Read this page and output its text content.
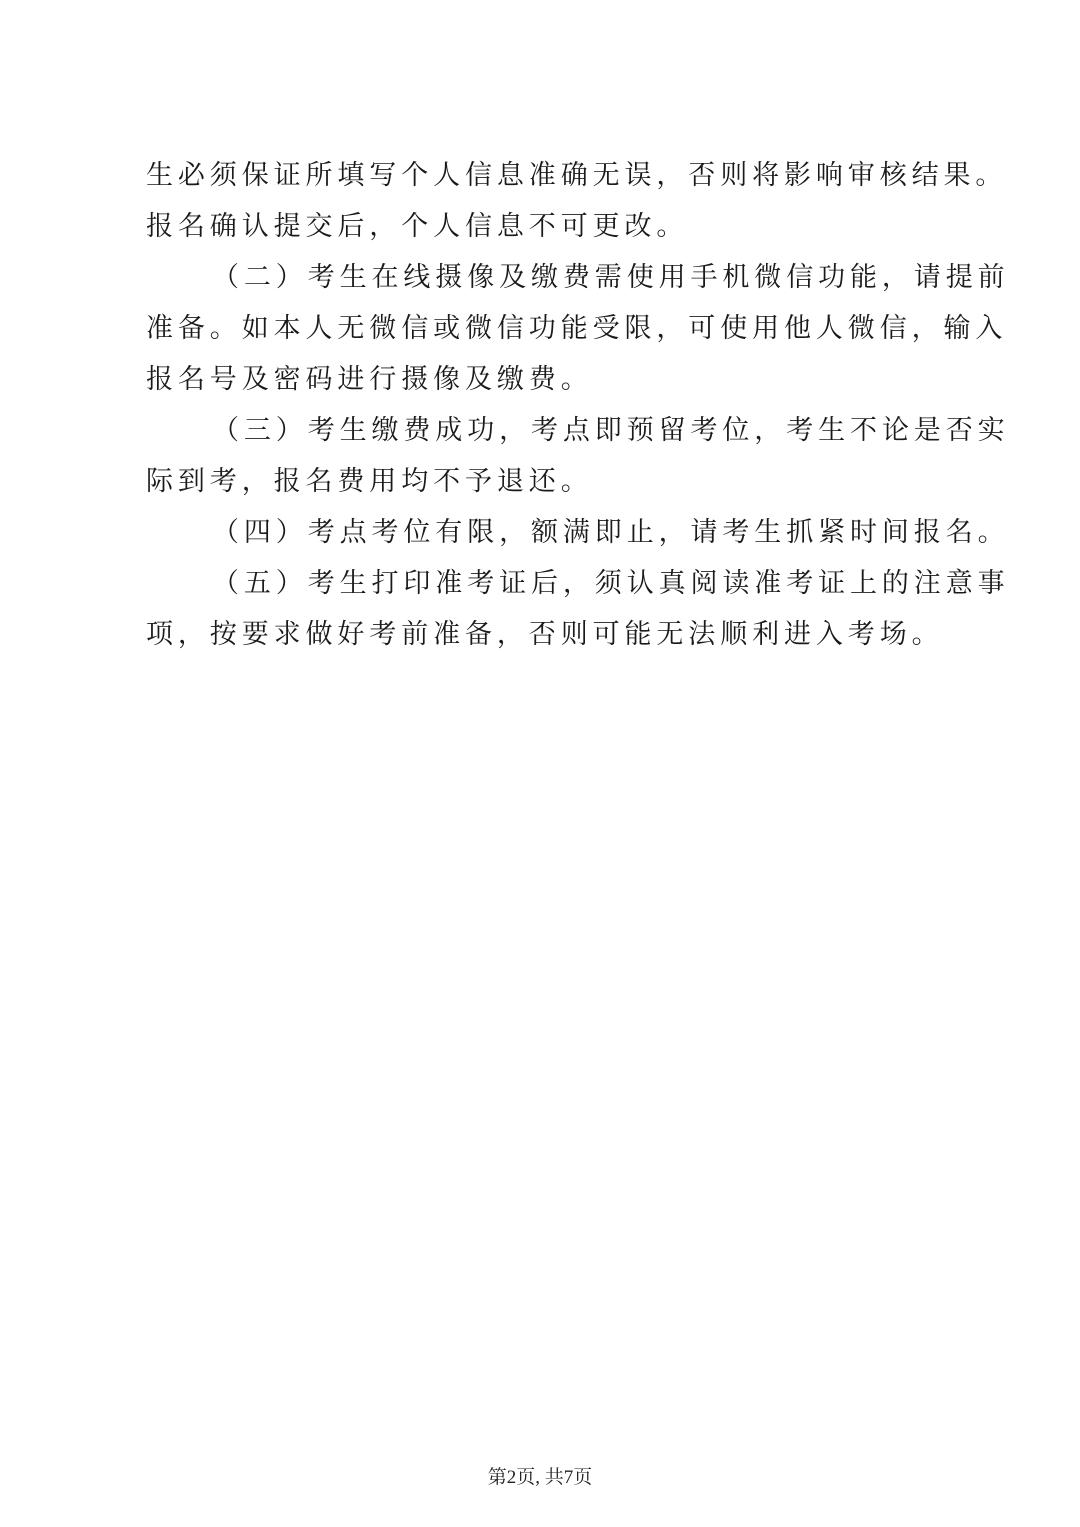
生必须保证所填写个人信息准确无误，否则将影响审核结果。
报名确认提交后，个人信息不可更改。
（二）考生在线摄像及缴费需使用手机微信功能，请提前
准备。如本人无微信或微信功能受限，可使用他人微信，输入
报名号及密码进行摄像及缴费。
（三）考生缴费成功，考点即预留考位，考生不论是否实
际到考，报名费用均不予退还。
（四）考点考位有限，额满即止，请考生抓紧时间报名。
（五）考生打印准考证后，须认真阅读准考证上的注意事
项，按要求做好考前准备，否则可能无法顺利进入考场。
第2页, 共7页
